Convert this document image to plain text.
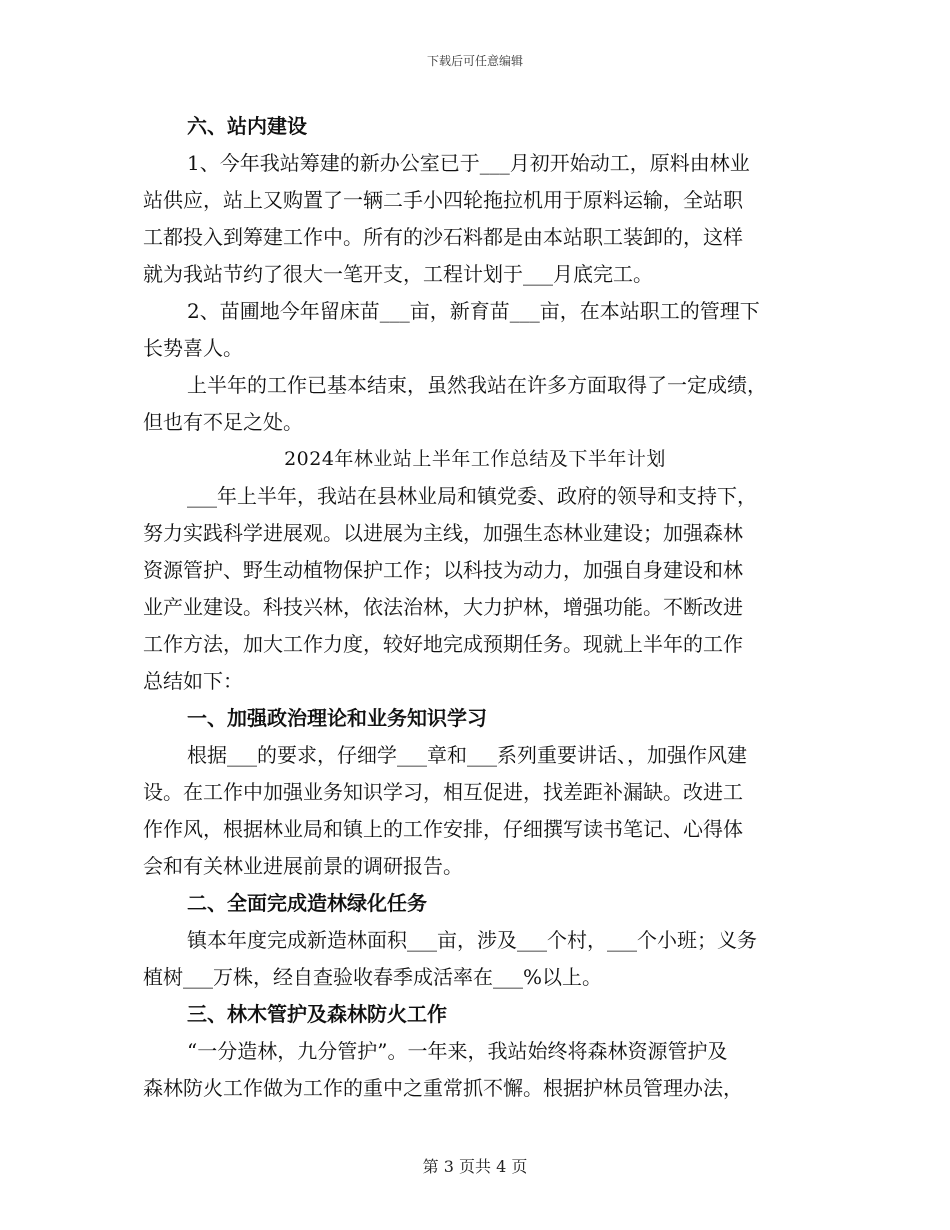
下载后可任意编辑
六、站内建设
1、今年我站筹建的新办公室已于___月初开始动工，原料由林业
站供应，站上又购置了一辆二手小四轮拖拉机用于原料运输，全站职
工都投入到筹建工作中。所有的沙石料都是由本站职工装卸的，这样
就为我站节约了很大一笔开支，工程计划于___月底完工。
2、苗圃地今年留床苗___亩，新育苗___亩，在本站职工的管理下
长势喜人。
上半年的工作已基本结束，虽然我站在许多方面取得了一定成绩，
但也有不足之处。
2024年林业站上半年工作总结及下半年计划
___年上半年，我站在县林业局和镇党委、政府的领导和支持下，
努力实践科学进展观。以进展为主线，加强生态林业建设；加强森林
资源管护、野生动植物保护工作；以科技为动力，加强自身建设和林
业产业建设。科技兴林，依法治林，大力护林，增强功能。不断改进
工作方法，加大工作力度，较好地完成预期任务。现就上半年的工作
总结如下：
一、加强政治理论和业务知识学习
根据___的要求，仔细学___章和___系列重要讲话、，加强作风建
设。在工作中加强业务知识学习，相互促进，找差距补漏缺。改进工
作作风，根据林业局和镇上的工作安排，仔细撰写读书笔记、心得体
会和有关林业进展前景的调研报告。
二、全面完成造林绿化任务
镇本年度完成新造林面积___亩，涉及___个村，___个小班；义务
植树___万株，经自查验收春季成活率在___%以上。
三、林木管护及森林防火工作
“一分造林，九分管护”。一年来，我站始终将森林资源管护及
森林防火工作做为工作的重中之重常抓不懈。根据护林员管理办法，
第 3 页共 4 页
